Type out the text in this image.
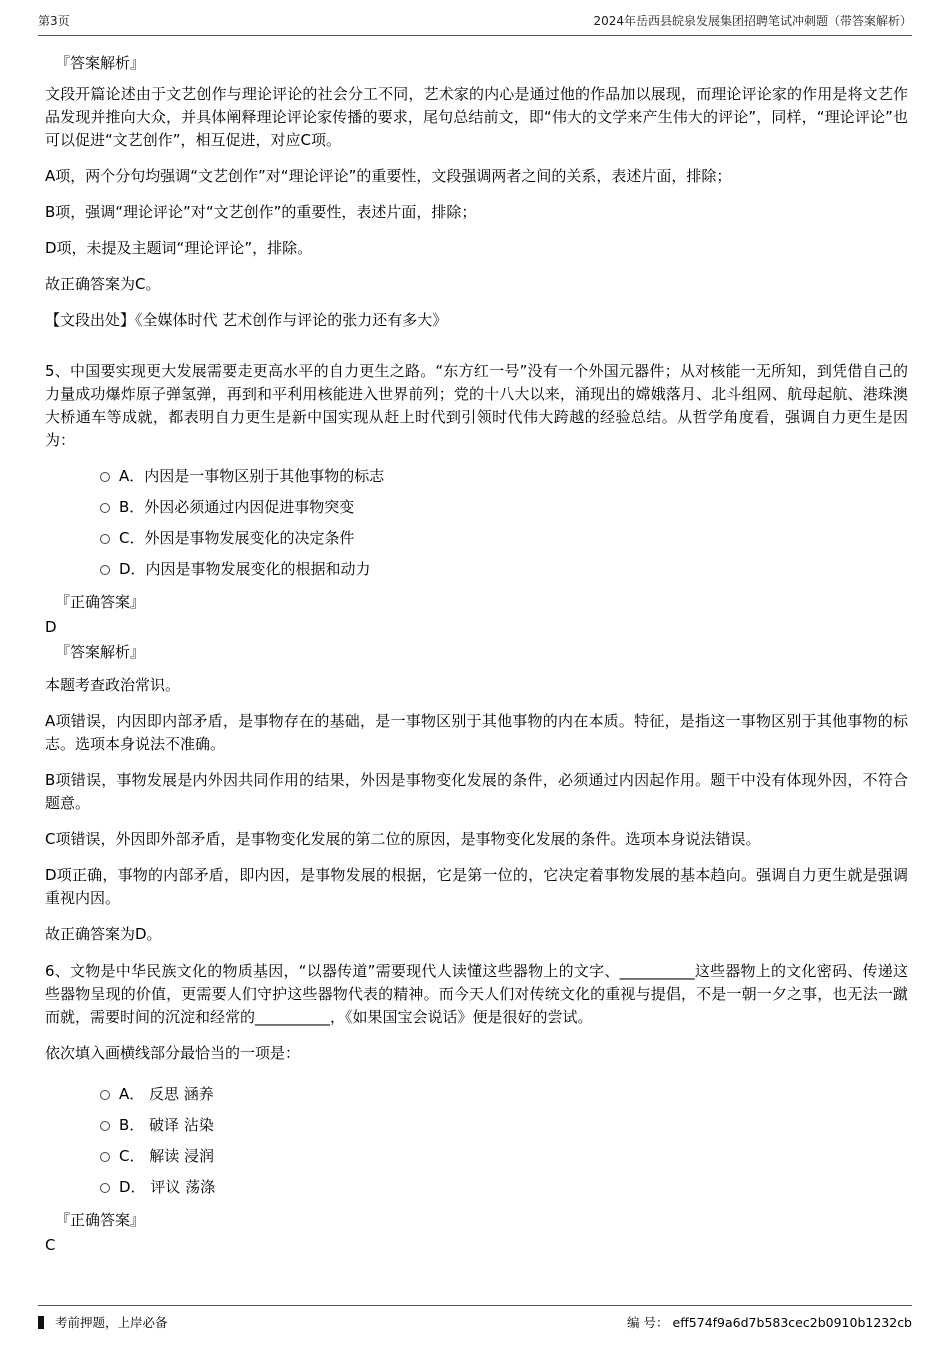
第3页	2024年岳西县皖泉发展集团招聘笔试冲刺题（带答案解析）

『答案解析』

文段开篇论述由于文艺创作与理论评论的社会分工不同，艺术家的内心是通过他的作品加以展现，而理论评论家的作用是将文艺作品发现并推向大众，并具体阐释理论评论家传播的要求，尾句总结前文，即“伟大的文学来产生伟大的评论”，同样，“理论评论”也可以促进“文艺创作”，相互促进，对应C项。

A项，两个分句均强调“文艺创作”对“理论评论”的重要性，文段强调两者之间的关系，表述片面，排除；

B项，强调“理论评论”对“文艺创作”的重要性，表述片面，排除；

D项，未提及主题词“理论评论”，排除。

故正确答案为C。

【文段出处】《全媒体时代 艺术创作与评论的张力还有多大》

5、中国要实现更大发展需要走更高水平的自力更生之路。“东方红一号”没有一个外国元器件；从对核能一无所知，到凭借自己的力量成功爆炸原子弹氢弹，再到和平利用核能进入世界前列；党的十八大以来，涌现出的嫦娥落月、北斗组网、航母起航、港珠澳大桥通车等成就，都表明自力更生是新中国实现从赶上时代到引领时代伟大跨越的经验总结。从哲学角度看，强调自力更生是因为：

A．内因是一事物区别于其他事物的标志
B．外因必须通过内因促进事物突变
C．外因是事物发展变化的决定条件
D．内因是事物发展变化的根据和动力

『正确答案』

D

『答案解析』

本题考查政治常识。

A项错误，内因即内部矛盾，是事物存在的基础，是一事物区别于其他事物的内在本质。特征，是指这一事物区别于其他事物的标志。选项本身说法不准确。

B项错误，事物发展是内外因共同作用的结果，外因是事物变化发展的条件，必须通过内因起作用。题干中没有体现外因，不符合题意。

C项错误，外因即外部矛盾，是事物变化发展的第二位的原因，是事物变化发展的条件。选项本身说法错误。

D项正确，事物的内部矛盾，即内因，是事物发展的根据，它是第一位的，它决定着事物发展的基本趋向。强调自力更生就是强调重视内因。

故正确答案为D。

6、文物是中华民族文化的物质基因，“以器传道”需要现代人读懂这些器物上的文字、__________这些器物上的文化密码、传递这些器物呈现的价值，更需要人们守护这些器物代表的精神。而今天人们对传统文化的重视与提倡，不是一朝一夕之事，也无法一蹴而就，需要时间的沉淀和经常的__________，《如果国宝会说话》便是很好的尝试。

依次填入画横线部分最恰当的一项是：

A． 反思 涵养
B． 破译 沾染
C． 解读 浸润
D． 评议 荡涤

『正确答案』

C

考前押题，上岸必备	编 号： eff574f9a6d7b583cec2b0910b1232cb
